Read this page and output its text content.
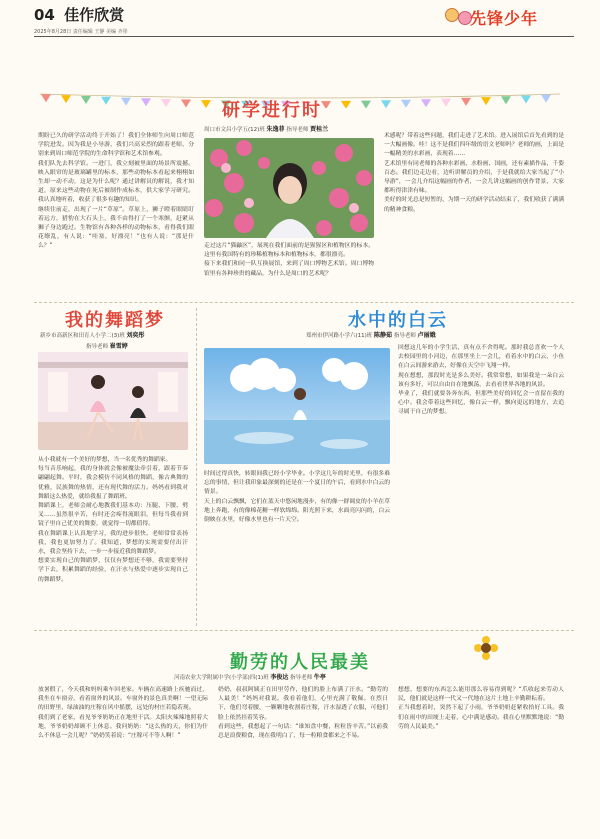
04 佳作欣赏
2025年8月28日 责任编辑 王静 美编 齐彤
先锋少年
研学进行时
周口市文昌小学五(12)班 朱逸菲 指导老师 贾桂兰
期盼已久的研学活动终于开始了！我们全体师生向周口师范学院进发。因为我是小导游，我们兴高采烈的跟着老师，分别来到周口师范学院的生命科学馆和艺术馆参观。
我们队先去科学馆。一进门，我立刻被里面的场景所震撼。映入眼帘的是玻璃罐里的标本，那些动物标本看起来栩栩如生却一动不动，这是为什么呢？通过讲解员的解说，我才知道，原来这些动物在死后被制作成标本，供大家学习研究。我认真地听着，收获了很多有趣的知识。
继续往前走，出现了一片“草原”。草原上，狮子瞪着眼睛盯着远方，猎豹在大石头上，我不由得打了一个寒颤，赶紧从狮子身边跑过。生物馆有各种各样的动物标本，看得我们眼花缭乱，有人说：“哇塞，好漂亮！”也有人说：“那是什么？”	走过这片“猫鼬区”，展现在我们面前的是猩猩区和植物区的标本。这里有我国特有的珍稀植物标本和植物标本，都很漂亮。
接下来我们和同一队互换展馆，来到了周口博物艺术馆。周口博物馆里有各种珍贵的藏品，为什么是周口的艺术呢？
术感呢？带着这些问题，我们走进了艺术馆。进入展馆后首先看到的是一大幅画像。哇！这不是我们四年级的语文老师吗？老师的画，上面是一幅精美的水彩画，表现着……
艺术馆里有同老师的各种水彩画、水粉画、国画，还有素描作品，千姿百态。我们边走边看，边听讲解员的介绍，于是我就给大家当起了“小导游”，一会儿介绍这幅画的作者，一会儿讲这幅画的创作背景，大家都听得津津有味。
美好的时光总是短暂的，为期一天的研学活动结束了，我们收获了满满的精神食粮。
我的舞蹈梦
新乡市高新区和田育人小学二(3)班 刘奕彤
指导老师 崔雪婷
从小我就有一个美好的梦想，当一名优秀的舞蹈家。
每当音乐响起，我的身体就会像被魔法牵引着，跟着节奏翩翩起舞。平时，我会模仿不同风格的舞蹈，像古典舞的优雅，民族舞的热情，还有现代舞的活力。妈妈看到我对舞蹈这么热爱，就给我报了舞蹈班。
舞蹈课上，老师会耐心地教我们基本功：压腿、下腰、劈叉……虽然很辛苦，有时还会疼得流眼泪，但每当我看到镜子里自己优美的舞姿，就觉得一切都值得。
我在舞蹈课上认真地学习，我的进步很快。老师常常表扬我，我也更加努力了。我知道，梦想的实现需要付出汗水，我会坚持下去，一步一步接近我的舞蹈梦。
想要实现自己的舞蹈梦，仅仅有梦想还不够，我需要坚持学下去，积累舞蹈的经验，在汗水与热爱中逐步实现自己的舞蹈梦。
水中的白云
郑州市伊河路小学六(11)班 陈静茹 指导老师 卢丽娥
时间过得真快，转眼间我已经小学毕业。小学这几年的时光里，有很多难忘的事情，但让我印象最深刻的还是在一个夏日的午后，看到水中白云的情景。
天上的白云飘飘，它们在蓝天中悠闲地漫步，有的像一群调皮的小羊在草地上奔跑，有的像棉花糖一样软绵绵。阳光照下来，水面亮闪闪的，白云倒映在水里，好像水里也有一片天空。
回想这几年的小学生活，真有点不舍得呢。那时我总喜欢一个人去校园里的小河边，在那里坐上一会儿，看着水中的白云，小鱼在白云间游来游去，好像在天空中飞翔一样。
现在想想，那段时光是多么美好。我常常想，如果我是一朵白云该有多好，可以自由自在地飘荡，去看看世界各地的风景。
毕业了，我们就要各奔东西，但那些美好的回忆会一直留在我的心中。我会带着这些回忆，像白云一样，飘向更远的地方，去追寻属于自己的梦想。
勤劳的人民最美
河南农业大学附属中学(小学部)四(1)班 李俊达 指导老师 牛亭
放暑假了，今天我和妈妈乘车回老家。车辆在高速路上疾驰而过，我坐在车窗旁，看着窗外的风景。车窗外的景色真美啊！一望无际的田野里，绿油油的庄稼在风中摇摆，远处的村庄若隐若现。
我们到了老家，看见爷爷奶奶正在地里干活。太阳火辣辣地照着大地，爷爷奶奶却顾不上休息。我问奶奶：“这么热的天，你们为什么不休息一会儿呢？”奶奶笑着说：“庄稼可不等人啊！”
奶奶，叔叔阿姨正在田里劳作，他们的脸上布满了汗水。“勤劳的人最美！”妈妈对我说。我看着他们，心里充满了敬佩。在烈日下，他们弯着腰，一颗颗地收割着庄稼，汗水湿透了衣服，可他们脸上依然挂着笑容。
看到这些，我想起了一句话：“谁知盘中餐，粒粒皆辛苦。”以前我总是浪费粮食，现在我明白了，每一粒粮食都来之不易。
想想，想要的东西怎么能用那么容易得到呢？“爪收起来劳动人民，他们就是这样一代又一代地在这片土地上辛勤耕耘着。
正当我想着时，突然下起了小雨，爷爷奶奶赶紧收拾好工具。我们在雨中的田埂上走着，心中满是感动。我在心里默默地说：“勤劳的人民最美。”
